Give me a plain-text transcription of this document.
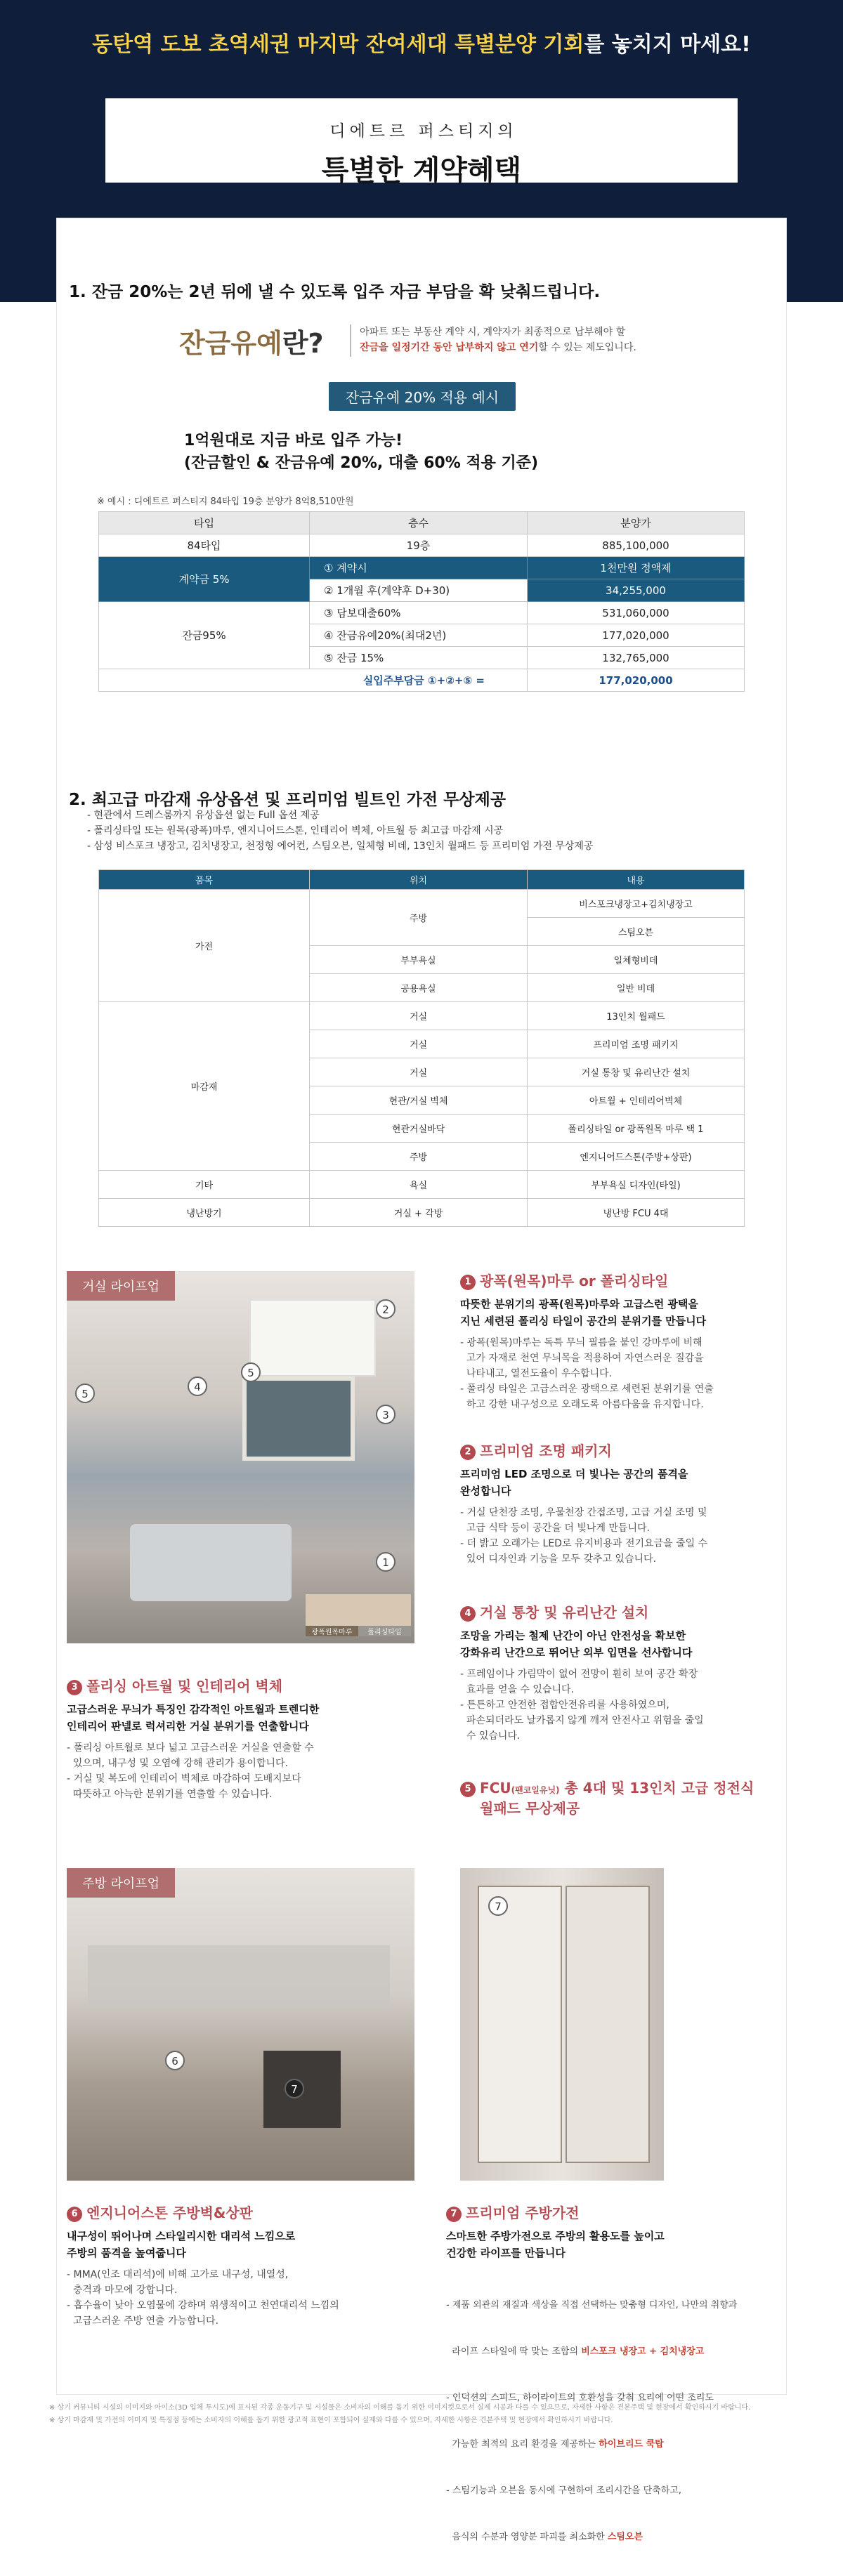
동탄역 도보 초역세권 마지막 잔여세대 특별분양 기회를 놓치지 마세요!
디에트르 퍼스티지의
특별한 계약혜택
1. 잔금 20%는 2년 뒤에 낼 수 있도록 입주 자금 부담을 확 낮춰드립니다.
잔금유예란?	아파트 또는 부동산 계약 시, 계약자가 최종적으로 납부해야 할
잔금을 일정기간 동안 납부하지 않고 연기할 수 있는 제도입니다.
잔금유예 20% 적용 예시
1억원대로 지금 바로 입주 가능!
(잔금할인 & 잔금유예 20%, 대출 60% 적용 기준)
※ 예시 : 디에트르 퍼스티지 84타입 19층 분양가 8억8,510만원
타입	층수	분양가
84타입	19층	885,100,000
계약금 5%	① 계약시	1천만원 정액제
	② 1개월 후(계약후 D+30)	34,255,000
잔금95%	③ 담보대출60%	531,060,000
	④ 잔금유예20%(최대2년)	177,020,000
	⑤ 잔금 15%	132,765,000
실입주부담금 ①+②+⑤ =		177,020,000
2. 최고급 마감재 유상옵션 및 프리미엄 빌트인 가전 무상제공
- 현관에서 드레스룸까지 유상옵션 없는 Full 옵션 제공
- 폴리싱타일 또는 원목(광폭)마루, 엔지니어드스톤, 인테리어 벽체, 아트월 등 최고급 마감재 시공
- 삼성 비스포크 냉장고, 김치냉장고, 천정형 에어컨, 스팀오븐, 일체형 비데, 13인치 월패드 등 프리미엄 가전 무상제공
품목	위치	내용
가전	주방	비스포크냉장고+김치냉장고
		스팀오븐
	부부욕실	일체형비데
	공용욕실	일반 비데
마감재	거실	13인치 월패드
	거실	프리미엄 조명 패키지
	거실	거실 통창 및 유리난간 설치
	현관/거실 벽체	아트월 + 인테리어벽체
	현관거실바닥	폴리싱타일 or 광폭원목 마루 택 1
	주방	엔지니어드스톤(주방+상판)
기타	욕실	부부욕실 디자인(타일)
냉난방기	거실 + 각방	냉난방 FCU 4대
거실 라이프업
광폭원목마루	폴리싱타일
2
3
5
4
5
1
1 광폭(원목)마루 or 폴리싱타일
따뜻한 분위기의 광폭(원목)마루와 고급스런 광택을
지닌 세련된 폴리싱 타일이 공간의 분위기를 만듭니다
- 광폭(원목)마루는 독특 무늬 필름을 붙인 강마루에 비해
고가 자재로 천연 무늬목을 적용하여 자연스러운 질감을
나타내고, 열전도율이 우수합니다.
- 폴리싱 타일은 고급스러운 광택으로 세련된 분위기를 연출
하고 강한 내구성으로 오래도록 아름다움을 유지합니다.
2 프리미엄 조명 패키지
프리미엄 LED 조명으로 더 빛나는 공간의 품격을
완성합니다
- 거실 단천장 조명, 우물천장 간접조명, 고급 거실 조명 및
고급 식탁 등이 공간을 더 빛나게 만듭니다.
- 더 밝고 오래가는 LED로 유지비용과 전기요금을 줄일 수
있어 디자인과 기능을 모두 갖추고 있습니다.
4 거실 통창 및 유리난간 설치
조망을 가리는 철제 난간이 아닌 안전성을 확보한
강화유리 난간으로 뛰어난 외부 입면을 선사합니다
- 프레임이나 가림막이 없어 전망이 훤히 보여 공간 확장
효과를 얻을 수 있습니다.
- 튼튼하고 안전한 접합안전유리를 사용하였으며,
파손되더라도 날카롭지 않게 깨져 안전사고 위험을 줄일
수 있습니다.
5 FCU(팬코일유닛) 총 4대 및 13인치 고급 정전식
월패드 무상제공
3 폴리싱 아트월 및 인테리어 벽체
고급스러운 무늬가 특징인 감각적인 아트월과 트렌디한
인테리어 판넬로 럭셔리한 거실 분위기를 연출합니다
- 폴리싱 아트월로 보다 넓고 고급스러운 거실을 연출할 수
있으며, 내구성 및 오염에 강해 관리가 용이합니다.
- 거실 및 복도에 인테리어 벽체로 마감하여 도배지보다
따뜻하고 아늑한 분위기를 연출할 수 있습니다.
주방 라이프업
6
7
7
6 엔지니어스톤 주방벽&상판
내구성이 뛰어나며 스타일리시한 대리석 느낌으로
주방의 품격을 높여줍니다
- MMA(인조 대리석)에 비해 고가로 내구성, 내열성,
충격과 마모에 강합니다.
- 흡수율이 낮아 오염물에 강하며 위생적이고 천연대리석 느낌의
고급스러운 주방 연출 가능합니다.
7 프리미엄 주방가전
스마트한 주방가전으로 주방의 활용도를 높이고
건강한 라이프를 만듭니다

- 제품 외관의 재질과 색상을 직접 선택하는 맞춤형 디자인, 나만의 취향과

라이프 스타일에 딱 맞는 조합의 비스포크 냉장고 + 김치냉장고

- 인덕션의 스피드, 하이라이트의 호환성을 갖춰 요리에 어떤 조리도

가능한 최적의 요리 환경을 제공하는 하이브리드 쿡탑

- 스팀기능과 오븐을 동시에 구현하여 조리시간을 단축하고,

음식의 수분과 영양분 파괴를 최소화한 스팀오븐

※ 상기 커뮤니티 시설의 이미지와 아이소(3D 입체 투시도)에 표시된 각종 운동기구 및 시설물은 소비자의 이해를 돕기 위한 이미지컷으로서 실제 시공과 다를 수 있으므로, 자세한 사항은 견본주택 및 현장에서 확인하시기 바랍니다.
※ 상기 마감재 및 가전의 이미지 및 특징점 등에는 소비자의 이해를 돕기 위한 광고적 표현이 포함되어 실제와 다를 수 있으며, 자세한 사항은 견본주택 및 현장에서 확인하시기 바랍니다.
